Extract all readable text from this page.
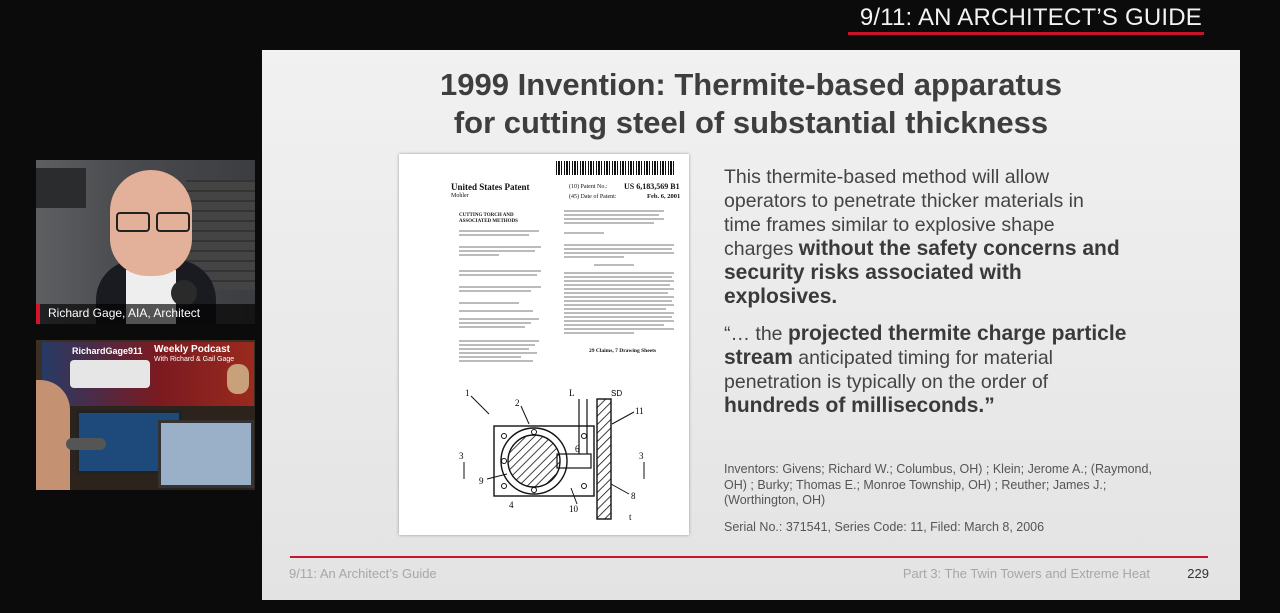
9/11: AN ARCHITECT’S GUIDE
1999 Invention: Thermite-based apparatus
for cutting steel of substantial thickness
United States Patent
Mohler
(10) Patent No.: US 6,183,569 B1
(45) Date of Patent:	Feb. 6, 2001
CUTTING TORCH AND ASSOCIATED METHODS
29 Claims, 7 Drawing Sheets
1
2
L	SD
11
3	3
6
9
8
10
4
t
This thermite-based method will allow operators to penetrate thicker materials in time frames similar to explosive shape charges without the safety concerns and security risks associated with explosives.
“… the projected thermite charge particle stream anticipated timing for material penetration is typically on the order of hundreds of milliseconds.”
Inventors: Givens; Richard W.; Columbus, OH) ; Klein; Jerome A.; (Raymond, OH) ; Burky; Thomas E.; Monroe Township, OH) ; Reuther; James J.; (Worthington, OH)
Serial No.: 371541, Series Code: 11, Filed: March 8, 2006
9/11: An Architect’s Guide	Part 3: The Twin Towers and Extreme Heat	229
Richard Gage, AIA, Architect
RichardGage911 Weekly Podcast
With Richard & Gail Gage
